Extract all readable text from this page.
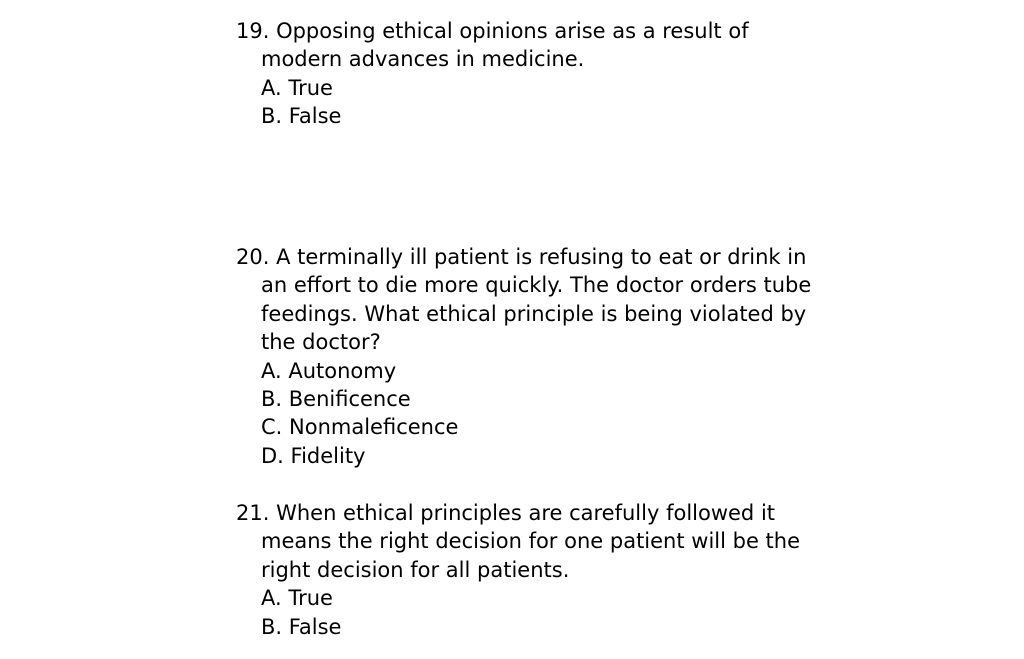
19. Opposing ethical opinions arise as a result of modern advances in medicine.

A. True
B. False

20. A terminally ill patient is refusing to eat or drink in an effort to die more quickly. The doctor orders tube feedings. What ethical principle is being violated by the doctor?

A. Autonomy
B. Benificence
C. Nonmaleficence
D. Fidelity

21. When ethical principles are carefully followed it means the right decision for one patient will be the right decision for all patients.

A. True
B. False
